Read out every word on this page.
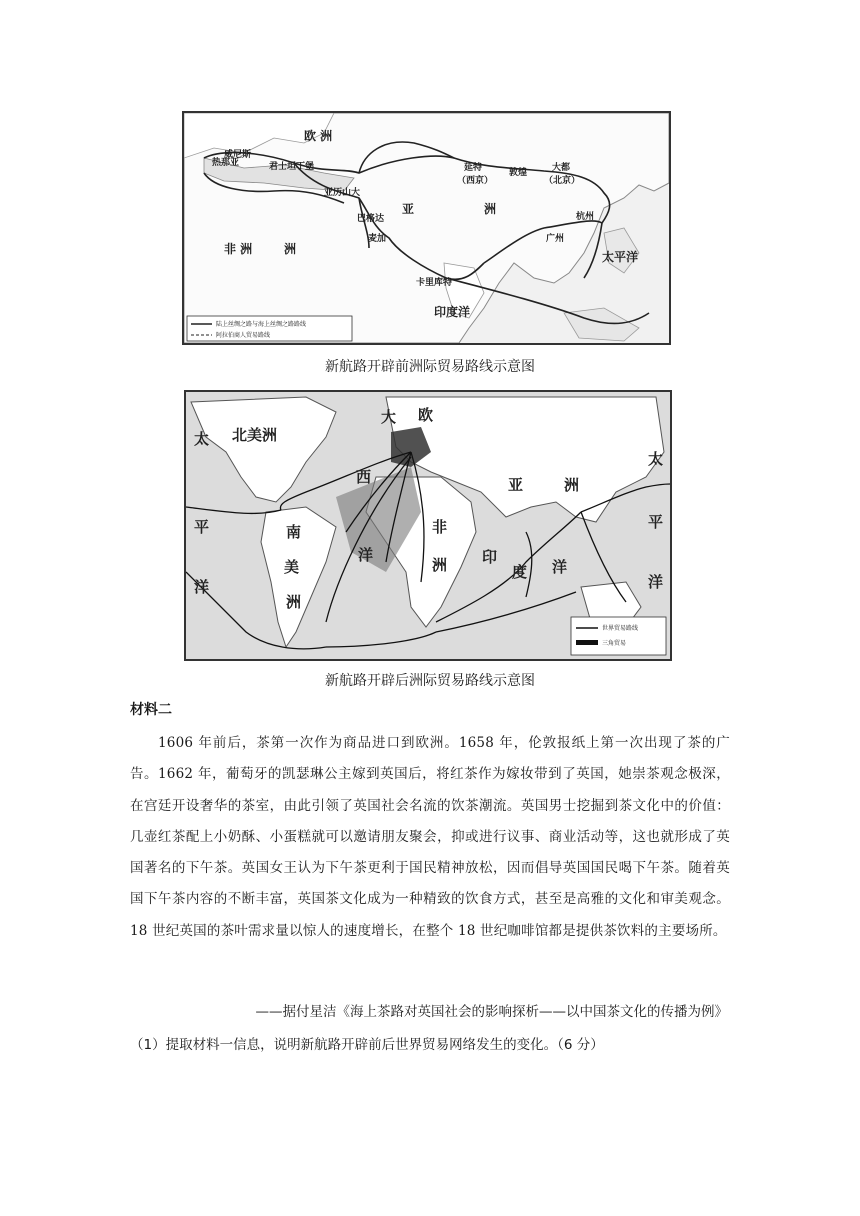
欧 洲
非 洲	洲
亚	洲
太平洋
印度洋
大都
（北京）
延特
（西京）
敦煌
杭州
广州
卡里库特
巴格达
麦加
君士坦丁堡
威尼斯
热那亚
亚历山大
陆上丝绸之路与海上丝绸之路路线
阿拉伯商人贸易路线
新航路开辟前洲际贸易路线示意图
北美洲
南
美
洲
大
西
洋
非
洲
亚	洲
太
平
洋
太
平
洋
印
度 洋
欧
世界贸易路线
三角贸易
新航路开辟后洲际贸易路线示意图
材料二

1606 年前后，茶第一次作为商品进口到欧洲。1658 年，伦敦报纸上第一次出现了茶的广告。1662 年，葡萄牙的凯瑟琳公主嫁到英国后，将红茶作为嫁妆带到了英国，她崇茶观念极深，在宫廷开设奢华的茶室，由此引领了英国社会名流的饮茶潮流。英国男士挖掘到茶文化中的价值：几壶红茶配上小奶酥、小蛋糕就可以邀请朋友聚会，抑或进行议事、商业活动等，这也就形成了英国著名的下午茶。英国女王认为下午茶更利于国民精神放松，因而倡导英国国民喝下午茶。随着英国下午茶内容的不断丰富，英国茶文化成为一种精致的饮食方式，甚至是高雅的文化和审美观念。18 世纪英国的茶叶需求量以惊人的速度增长，在整个 18 世纪咖啡馆都是提供茶饮料的主要场所。

——据付星洁《海上茶路对英国社会的影响探析——以中国茶文化的传播为例》
（1）提取材料一信息，说明新航路开辟前后世界贸易网络发生的变化。（6 分）
